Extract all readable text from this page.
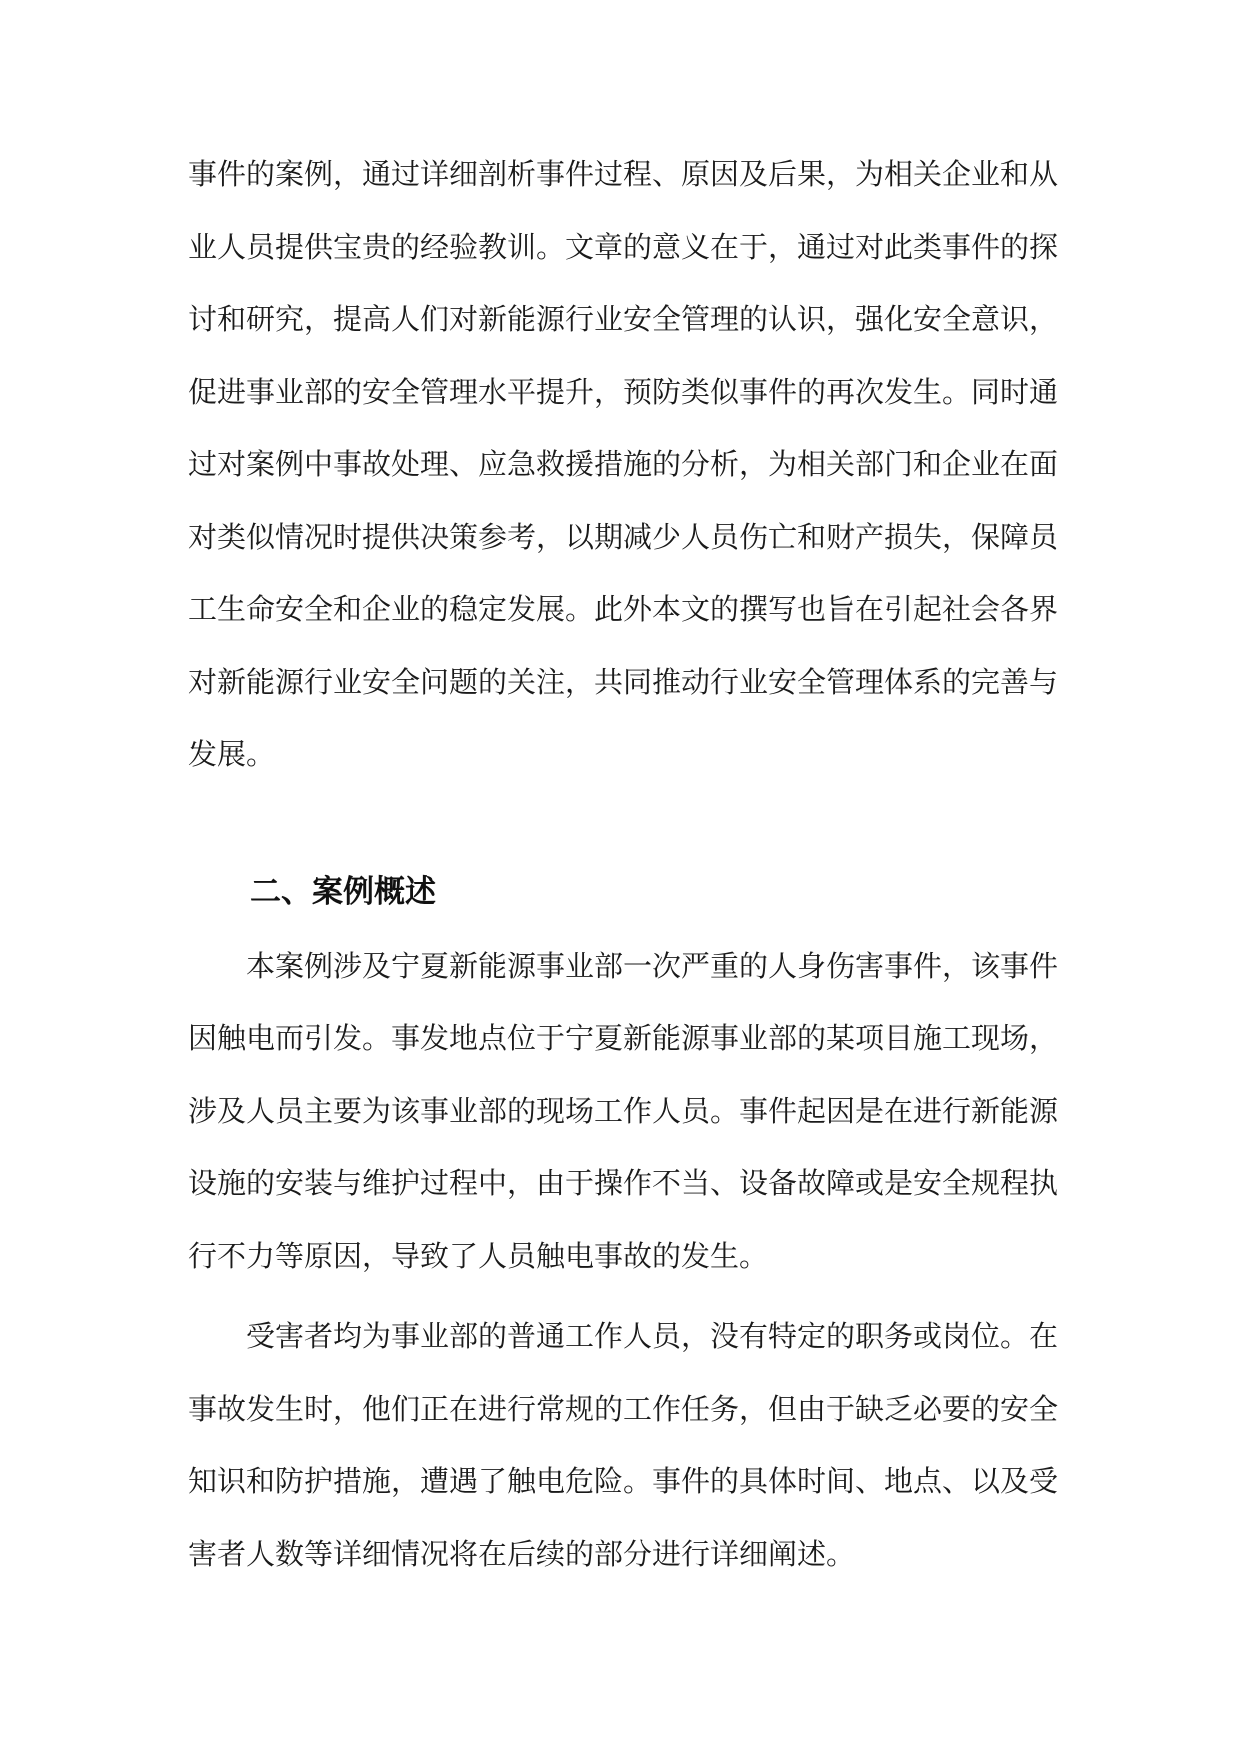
事件的案例，通过详细剖析事件过程、原因及后果，为相关企业和从业人员提供宝贵的经验教训。文章的意义在于，通过对此类事件的探讨和研究，提高人们对新能源行业安全管理的认识，强化安全意识，促进事业部的安全管理水平提升，预防类似事件的再次发生。同时通过对案例中事故处理、应急救援措施的分析，为相关部门和企业在面对类似情况时提供决策参考，以期减少人员伤亡和财产损失，保障员工生命安全和企业的稳定发展。此外本文的撰写也旨在引起社会各界对新能源行业安全问题的关注，共同推动行业安全管理体系的完善与发展。

二、案例概述

本案例涉及宁夏新能源事业部一次严重的人身伤害事件，该事件因触电而引发。事发地点位于宁夏新能源事业部的某项目施工现场，涉及人员主要为该事业部的现场工作人员。事件起因是在进行新能源设施的安装与维护过程中，由于操作不当、设备故障或是安全规程执行不力等原因，导致了人员触电事故的发生。

受害者均为事业部的普通工作人员，没有特定的职务或岗位。在事故发生时，他们正在进行常规的工作任务，但由于缺乏必要的安全知识和防护措施，遭遇了触电危险。事件的具体时间、地点、以及受害者人数等详细情况将在后续的部分进行详细阐述。
